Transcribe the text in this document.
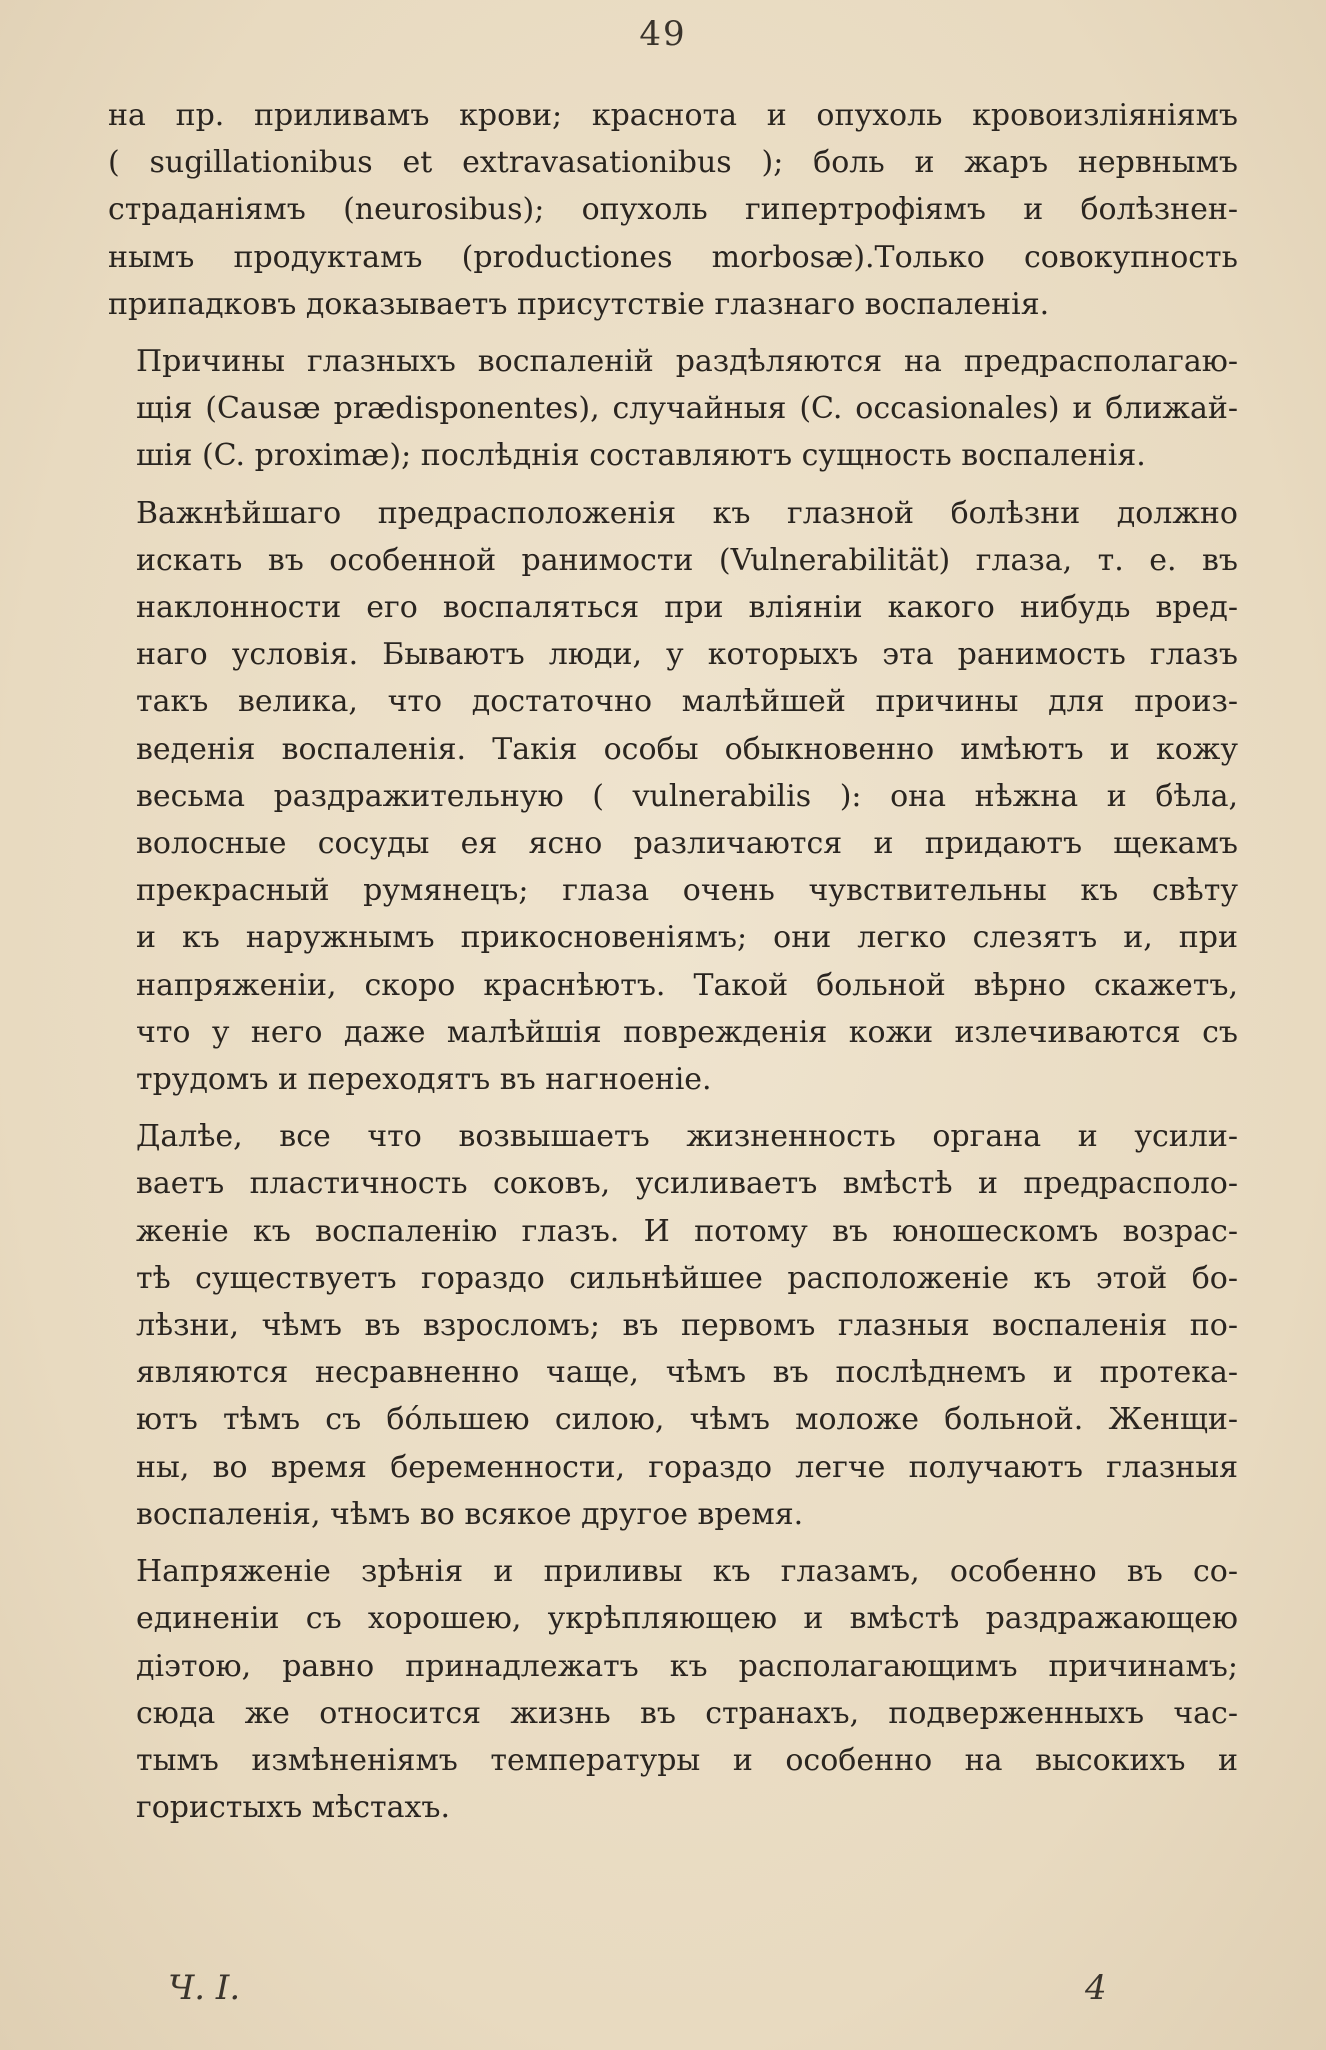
49
на пр. приливамъ крови; краснота и опухоль кровоизліяніямъ
( sugillationibus et extravasationibus ); боль и жаръ нервнымъ
страданіямъ (neurosibus); опухоль гипертрофіямъ и болѣзнен-
нымъ продуктамъ (productiones morbosæ).Только совокупность
припадковъ доказываетъ присутствіе глазнаго воспаленія.
Причины глазныхъ воспаленій раздѣляются на предрасполагаю-
щія (Causæ prædisponentes), случайныя (C. occasionales) и ближай-
шія (C. proximæ); послѣднія составляютъ сущность воспаленія.
Важнѣйшаго предрасположенія къ глазной болѣзни должно
искать въ особенной ранимости (Vulnerabilität) глаза, т. е. въ
наклонности его воспаляться при вліяніи какого нибудь вред-
наго условія. Бываютъ люди, у которыхъ эта ранимость глазъ
такъ велика, что достаточно малѣйшей причины для произ-
веденія воспаленія. Такія особы обыкновенно имѣютъ и кожу
весьма раздражительную ( vulnerabilis ): она нѣжна и бѣла,
волосные сосуды ея ясно различаются и придаютъ щекамъ
прекрасный румянецъ; глаза очень чувствительны къ свѣту
и къ наружнымъ прикосновеніямъ; они легко слезятъ и, при
напряженіи, скоро краснѣютъ. Такой больной вѣрно скажетъ,
что у него даже малѣйшія поврежденія кожи излечиваются съ
трудомъ и переходятъ въ нагноеніе.
Далѣе, все что возвышаетъ жизненность органа и усили-
ваетъ пластичность соковъ, усиливаетъ вмѣстѣ и предрасполо-
женіе къ воспаленію глазъ. И потому въ юношескомъ возрас-
тѣ существуетъ гораздо сильнѣйшее расположеніе къ этой бо-
лѣзни, чѣмъ въ взросломъ; въ первомъ глазныя воспаленія по-
являются несравненно чаще, чѣмъ въ послѣднемъ и протека-
ютъ тѣмъ съ бо́льшею силою, чѣмъ моложе больной. Женщи-
ны, во время беременности, гораздо легче получаютъ глазныя
воспаленія, чѣмъ во всякое другое время.
Напряженіе зрѣнія и приливы къ глазамъ, особенно въ со-
единеніи съ хорошею, укрѣпляющею и вмѣстѣ раздражающею
діэтою, равно принадлежатъ къ располагающимъ причинамъ;
сюда же относится жизнь въ странахъ, подверженныхъ час-
тымъ измѣненіямъ температуры и особенно на высокихъ и
гористыхъ мѣстахъ.
Ч. I.	4
